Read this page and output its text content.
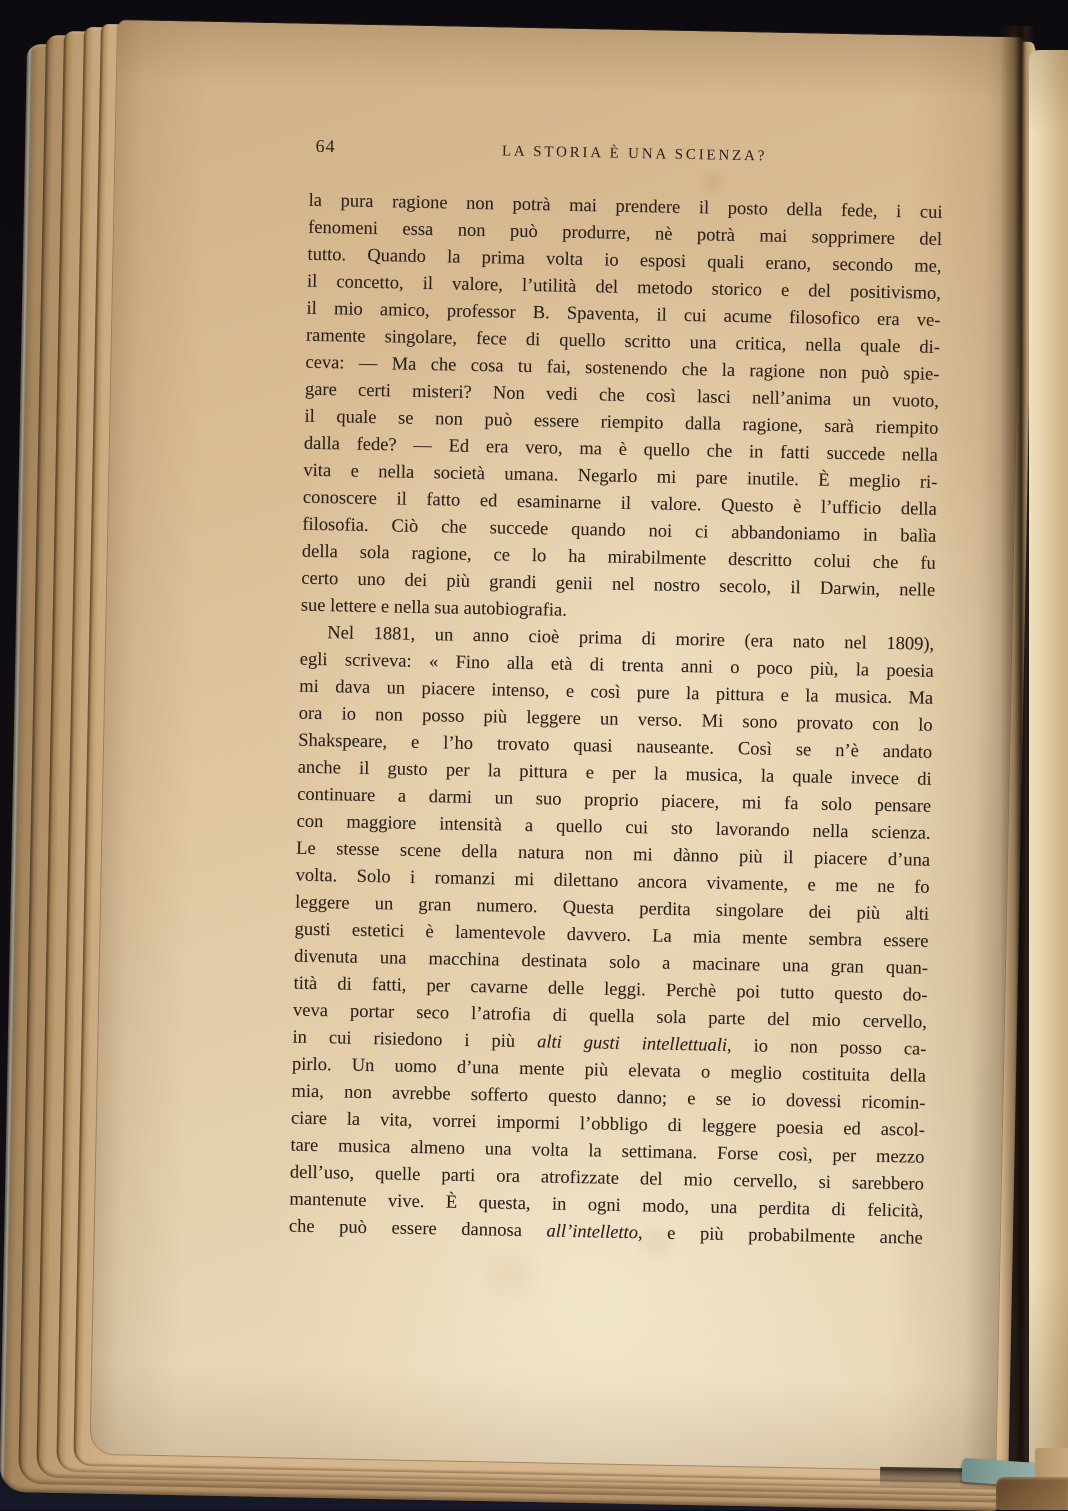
64	LA STORIA È UNA SCIENZA?
la pura ragione non potrà mai prendere il posto della fede, i cui
fenomeni essa non può produrre, nè potrà mai sopprimere del
tutto. Quando la prima volta io esposi quali erano, secondo me,
il concetto, il valore, l’utilità del metodo storico e del positivismo,
il mio amico, professor B. Spaventa, il cui acume filosofico era ve-
ramente singolare, fece di quello scritto una critica, nella quale di-
ceva: — Ma che cosa tu fai, sostenendo che la ragione non può spie-
gare certi misteri? Non vedi che così lasci nell’anima un vuoto,
il quale se non può essere riempito dalla ragione, sarà riempito
dalla fede? — Ed era vero, ma è quello che in fatti succede nella
vita e nella società umana. Negarlo mi pare inutile. È meglio ri-
conoscere il fatto ed esaminarne il valore. Questo è l’ufficio della
filosofia. Ciò che succede quando noi ci abbandoniamo in balìa
della sola ragione, ce lo ha mirabilmente descritto colui che fu
certo uno dei più grandi genii nel nostro secolo, il Darwin, nelle
sue lettere e nella sua autobiografia.
Nel 1881, un anno cioè prima di morire (era nato nel 1809),
egli scriveva: « Fino alla età di trenta anni o poco più, la poesia
mi dava un piacere intenso, e così pure la pittura e la musica. Ma
ora io non posso più leggere un verso. Mi sono provato con lo
Shakspeare, e l’ho trovato quasi nauseante. Così se n’è andato
anche il gusto per la pittura e per la musica, la quale invece di
continuare a darmi un suo proprio piacere, mi fa solo pensare
con maggiore intensità a quello cui sto lavorando nella scienza.
Le stesse scene della natura non mi dànno più il piacere d’una
volta. Solo i romanzi mi dilettano ancora vivamente, e me ne fo
leggere un gran numero. Questa perdita singolare dei più alti
gusti estetici è lamentevole davvero. La mia mente sembra essere
divenuta una macchina destinata solo a macinare una gran quan-
tità di fatti, per cavarne delle leggi. Perchè poi tutto questo do-
veva portar seco l’atrofia di quella sola parte del mio cervello,
in cui risiedono i più alti gusti intellettuali, io non posso ca-
pirlo. Un uomo d’una mente più elevata o meglio costituita della
mia, non avrebbe sofferto questo danno; e se io dovessi ricomin-
ciare la vita, vorrei impormi l’obbligo di leggere poesia ed ascol-
tare musica almeno una volta la settimana. Forse così, per mezzo
dell’uso, quelle parti ora atrofizzate del mio cervello, si sarebbero
mantenute vive. È questa, in ogni modo, una perdita di felicità,
che può essere dannosa all’intelletto, e più probabilmente anche
